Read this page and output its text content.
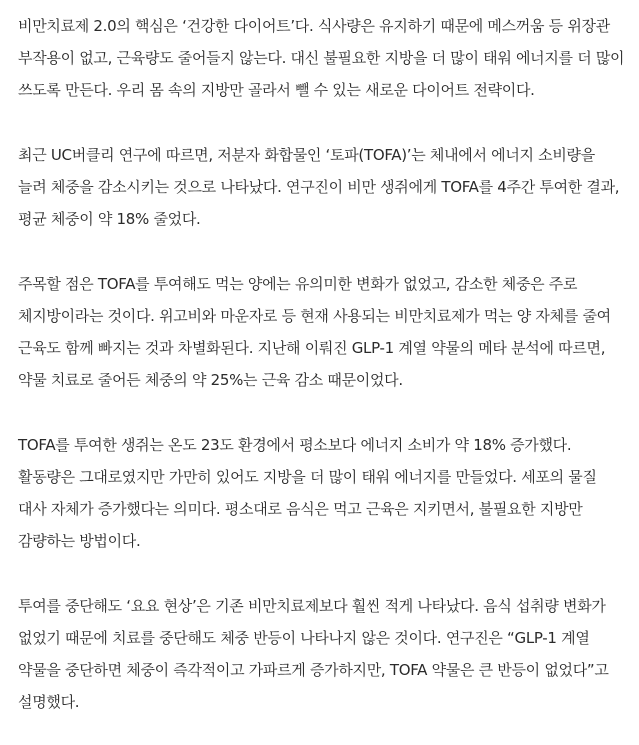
비만치료제 2.0의 핵심은 ‘건강한 다이어트’다. 식사량은 유지하기 때문에 메스꺼움 등 위장관 부작용이 없고, 근육량도 줄어들지 않는다. 대신 불필요한 지방을 더 많이 태워 에너지를 더 많이 쓰도록 만든다. 우리 몸 속의 지방만 골라서 뺄 수 있는 새로운 다이어트 전략이다.

최근 UC버클리 연구에 따르면, 저분자 화합물인 ‘토파(TOFA)’는 체내에서 에너지 소비량을 늘려 체중을 감소시키는 것으로 나타났다. 연구진이 비만 생쥐에게 TOFA를 4주간 투여한 결과, 평균 체중이 약 18% 줄었다.

주목할 점은 TOFA를 투여해도 먹는 양에는 유의미한 변화가 없었고, 감소한 체중은 주로 체지방이라는 것이다. 위고비와 마운자로 등 현재 사용되는 비만치료제가 먹는 양 자체를 줄여 근육도 함께 빠지는 것과 차별화된다. 지난해 이뤄진 GLP-1 계열 약물의 메타 분석에 따르면, 약물 치료로 줄어든 체중의 약 25%는 근육 감소 때문이었다.

TOFA를 투여한 생쥐는 온도 23도 환경에서 평소보다 에너지 소비가 약 18% 증가했다. 활동량은 그대로였지만 가만히 있어도 지방을 더 많이 태워 에너지를 만들었다. 세포의 물질 대사 자체가 증가했다는 의미다. 평소대로 음식은 먹고 근육은 지키면서, 불필요한 지방만 감량하는 방법이다.

투여를 중단해도 ‘요요 현상’은 기존 비만치료제보다 훨씬 적게 나타났다. 음식 섭취량 변화가 없었기 때문에 치료를 중단해도 체중 반등이 나타나지 않은 것이다. 연구진은 “GLP-1 계열 약물을 중단하면 체중이 즉각적이고 가파르게 증가하지만, TOFA 약물은 큰 반등이 없었다”고 설명했다.
